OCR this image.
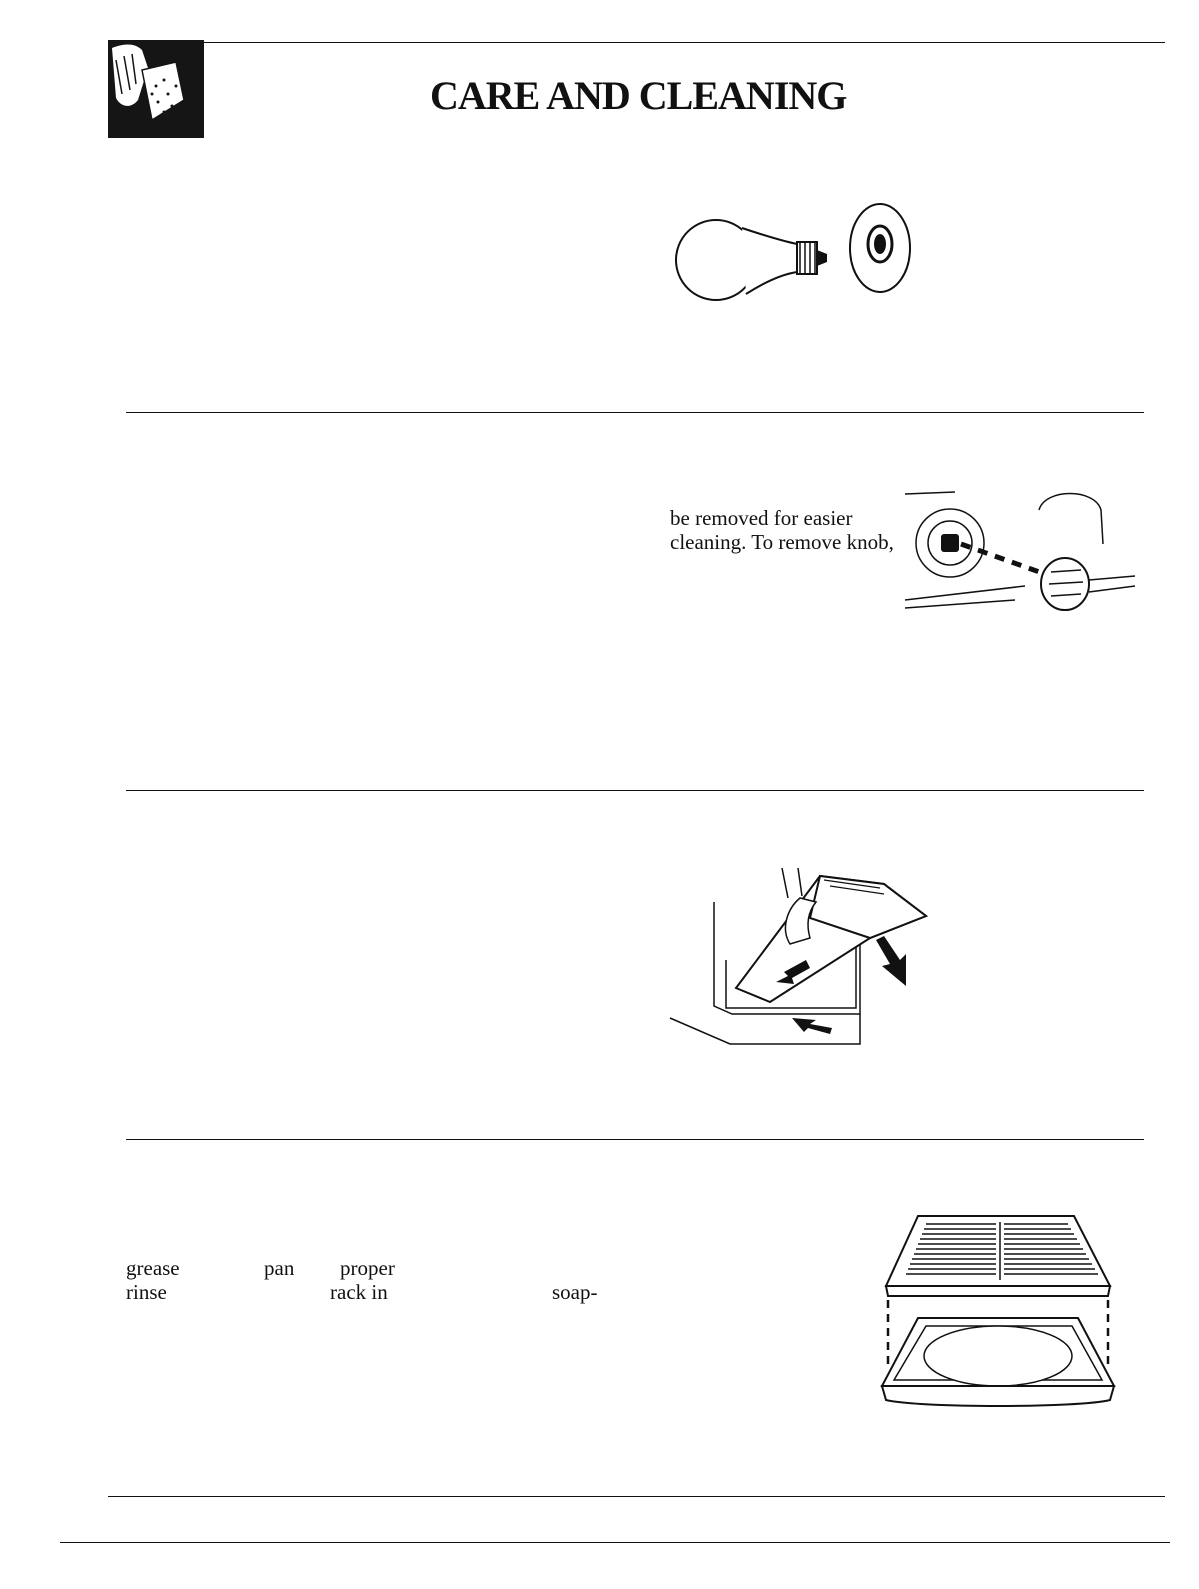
CARE AND CLEANING
be removed for easier
cleaning. To remove knob,
grease	pan proper
rinse	rack in	soap-
